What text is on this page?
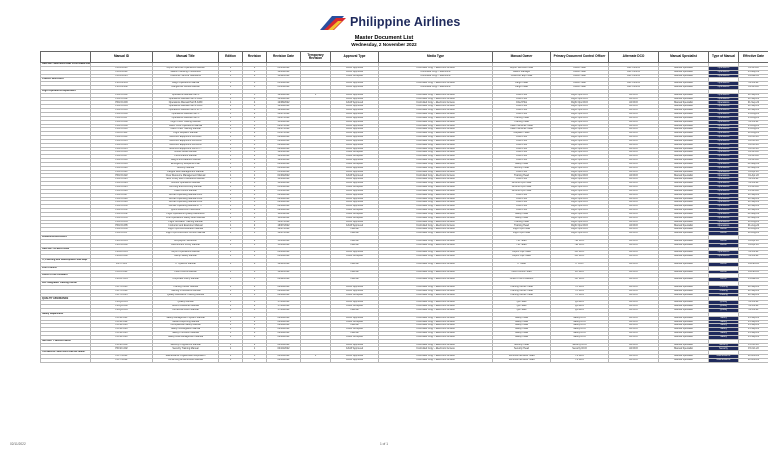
Philippine Airlines
Master Document List
Wednesday, 2 November 2022
	Manual ID	Manual Title	Edition	Revision	Revision Date	Temporary Revision	Approval Type	Media Type	Manual Owner	Primary Document Control Officer	Alternate DCO	Manual Specialist	Type of Manual	Effective Date
AIRPORT SERVICES AND CUSTOMER EXP.														
	PR-AS-001	Airport Services Operations Manual	1	2	03/05/2022		CAAP Approved	Controlled Copy – Electronic Access	Airport Services Head	CDMO Staff	Doc Control	Manual Specialist	Operations	01-Jun-22
	PR-AS-002	Station Handling Procedures	1	1	18/04/2022		CAAP Approved	Controlled Copy – Electronic	Station Manager	CDMO Staff	Doc Control	Manual Specialist	Operations	15-May-22
	PR-AS-003	Customer Service Standards	1	0	10/02/2022		CAAP Accepted	Controlled Copy – Electronic	Customer Exp Head	CDMO Staff	Doc Control	Manual Specialist	Operations	01-Mar-22
CARGO SERVICES														
	PR-CG-001	Cargo Operations Manual	1	3	21/06/2022		CAAP Approved	Controlled Copy – Electronic Access	Cargo Head	CDMO Staff	Doc Control	Manual Specialist	Operations	01-Jul-22
	PR-CG-002	Dangerous Goods Manual	1	1	05/05/2022		CAAP Approved	Controlled Copy – Electronic	Cargo Head	CDMO Staff	Doc Control	Manual Specialist	Operations	01-Jun-22
Flight Operations Department														
	PR-FO-001	Operations Manual Part A	1	5	12/08/2022	1	CAAP Approved	Controlled Copy – Electronic Access	Chief Pilot	Flight Ops DCO	Alt DCO	Manual Specialist	Operations	01-Sep-22
	PR-FO-002	Operations Manual Part B A321	1	4	12/08/2022		CAAP Approved	Controlled Copy – Electronic Access	Chief Pilot	Flight Ops DCO	Alt DCO	Manual Specialist	Operations	01-Sep-22
	PR-FO-003	Operations Manual Part B A330	1	4	12/08/2022		CAAP Approved	Controlled Copy – Electronic Access	Chief Pilot	Flight Ops DCO	Alt DCO	Manual Specialist	Operations	01-Sep-22
	PR-FO-004	Operations Manual Part B A350	1	3	12/08/2022		CAAP Approved	Controlled Copy – Electronic Access	Chief Pilot	Flight Ops DCO	Alt DCO	Manual Specialist	Operations	01-Sep-22
	PR-FO-005	Operations Manual Part B B777	1	3	12/08/2022		CAAP Approved	Controlled Copy – Electronic Access	Chief Pilot	Flight Ops DCO	Alt DCO	Manual Specialist	Operations	01-Sep-22
	PR-FO-006	Operations Manual Part C	1	2	30/07/2022		CAAP Approved	Controlled Copy – Electronic Access	Chief Pilot	Flight Ops DCO	Alt DCO	Manual Specialist	Operations	15-Aug-22
	PR-FO-007	Operations Manual Part D	1	2	30/07/2022		CAAP Approved	Controlled Copy – Electronic Access	Training Head	Flight Ops DCO	Alt DCO	Manual Specialist	Operations	15-Aug-22
	PR-FO-008	Flight Crew Training Manual	1	1	15/06/2022		CAAP Approved	Controlled Copy – Electronic Access	Training Head	Flight Ops DCO	Alt DCO	Manual Specialist	Operations	01-Jul-22
	PR-FO-009	Cabin Crew Operations Manual	1	3	22/07/2022		CAAP Approved	Controlled Copy – Electronic Access	Cabin Services Head	Flight Ops DCO	Alt DCO	Manual Specialist	Operations	15-Aug-22
	PR-FO-010	Cabin Crew Training Manual	1	2	22/07/2022		CAAP Approved	Controlled Copy – Electronic Access	Cabin Services Head	Flight Ops DCO	Alt DCO	Manual Specialist	Operations	15-Aug-22
	PR-FO-011	Flight Dispatch Manual	1	2	05/07/2022		CAAP Approved	Controlled Copy – Electronic Access	Dispatch Head	Flight Ops DCO	Alt DCO	Manual Specialist	Operations	01-Aug-22
	PR-FO-012	Minimum Equipment List A321	1	6	09/09/2022		CAAP Approved	Controlled Copy – Electronic Access	Chief Pilot	Flight Ops DCO	Alt DCO	Manual Specialist	Operations	01-Oct-22
	PR-FO-013	Minimum Equipment List A330	1	5	09/09/2022		CAAP Approved	Controlled Copy – Electronic Access	Chief Pilot	Flight Ops DCO	Alt DCO	Manual Specialist	Operations	01-Oct-22
	PR-FO-014	Minimum Equipment List A350	1	4	09/09/2022		CAAP Approved	Controlled Copy – Electronic Access	Chief Pilot	Flight Ops DCO	Alt DCO	Manual Specialist	Operations	01-Oct-22
	PR-FO-015	Minimum Equipment List B777	1	4	09/09/2022		CAAP Approved	Controlled Copy – Electronic Access	Chief Pilot	Flight Ops DCO	Alt DCO	Manual Specialist	Operations	01-Oct-22
	PR-FO-016	Route Guide Manual	1	1	18/05/2022		CAAP Accepted	Controlled Copy – Electronic Access	Chief Pilot	Flight Ops DCO	Alt DCO	Manual Specialist	Operations	01-Jun-22
	PR-FO-017	Performance Manual	1	2	18/05/2022		CAAP Accepted	Controlled Copy – Electronic Access	Chief Pilot	Flight Ops DCO	Alt DCO	Manual Specialist	Operations	01-Jun-22
	PR-FO-018	Weight and Balance Manual	1	2	18/05/2022		CAAP Approved	Controlled Copy – Electronic Access	Chief Pilot	Flight Ops DCO	Alt DCO	Manual Specialist	Operations	01-Jun-22
	PR-FO-019	Emergency Response Plan	1	1	20/04/2022		CAAP Accepted	Controlled Copy – Electronic Access	Safety Head	Flight Ops DCO	Alt DCO	Manual Specialist	Operations	01-May-22
	PR-FO-020	Security Manual	1	1	20/04/2022		CAAP Approved	Controlled Copy – Electronic Access	Security Head	Flight Ops DCO	Alt DCO	Manual Specialist	Operations	01-May-22
	PR-FO-021	Fatigue Risk Management Manual	1	0	01/03/2022		CAAP Approved	Controlled Copy – Electronic Access	Chief Pilot	Flight Ops DCO	Alt DCO	Manual Specialist	Operations	01-Apr-22
	PR-FO-022	Crew Resource Management Manual	1	1	01/03/2022		CAAP Approved	Controlled Copy – Electronic Access	Training Head	Flight Ops DCO	Alt DCO	Manual Specialist	Operations	01-Apr-22
	PR-FO-023	EFB Policy and Procedures Manual	1	2	14/06/2022		CAAP Approved	Controlled Copy – Electronic Access	Chief Pilot	Flight Ops DCO	Alt DCO	Manual Specialist	Operations	01-Jul-22
	PR-FO-024	Ground Operations Manual	1	3	14/06/2022		CAAP Approved	Controlled Copy – Electronic Access	Ground Ops Head	Flight Ops DCO	Alt DCO	Manual Specialist	Operations	01-Jul-22
	PR-FO-025	De-icing and Anti-icing Manual	1	1	25/05/2022		CAAP Accepted	Controlled Copy – Electronic Access	Ground Ops Head	Flight Ops DCO	Alt DCO	Manual Specialist	Operations	15-Jun-22
	PR-FO-026	Load Control Manual	1	2	25/05/2022		CAAP Approved	Controlled Copy – Electronic Access	Ground Ops Head	Flight Ops DCO	Alt DCO	Manual Specialist	Operations	15-Jun-22
	PR-FO-027	Aircraft Operating Manual A321	1	4	02/08/2022		CAAP Approved	Controlled Copy – Electronic Access	Chief Pilot	Flight Ops DCO	Alt DCO	Manual Specialist	Operations	01-Sep-22
	PR-FO-028	Aircraft Operating Manual A330	1	4	02/08/2022		CAAP Approved	Controlled Copy – Electronic Access	Chief Pilot	Flight Ops DCO	Alt DCO	Manual Specialist	Operations	01-Sep-22
	PR-FO-029	Aircraft Operating Manual A350	1	3	02/08/2022		CAAP Approved	Controlled Copy – Electronic Access	Chief Pilot	Flight Ops DCO	Alt DCO	Manual Specialist	Operations	01-Sep-22
	PR-FO-030	Aircraft Operating Manual B777	1	3	02/08/2022		CAAP Approved	Controlled Copy – Electronic Access	Chief Pilot	Flight Ops DCO	Alt DCO	Manual Specialist	Operations	01-Sep-22
	PR-FO-031	Quick Reference Handbook	1	2	02/08/2022		CAAP Accepted	Controlled Copy – Electronic Access	Chief Pilot	Flight Ops DCO	Alt DCO	Manual Specialist	Operations	01-Sep-22
	PR-FO-032	Flight Operations Quality Assurance	1	1	11/04/2022		CAAP Accepted	Controlled Copy – Electronic Access	Safety Head	Flight Ops DCO	Alt DCO	Manual Specialist	Operations	01-May-22
	PR-FO-033	Line Operations Safety Audit Manual	1	0	11/04/2022		CAAP Accepted	Controlled Copy – Electronic Access	Safety Head	Flight Ops DCO	Alt DCO	Manual Specialist	Operations	01-May-22
	PR-FO-034	Flight Simulator Training Manual	1	2	19/07/2022		CAAP Approved	Controlled Copy – Electronic Access	Training Head	Flight Ops DCO	Alt DCO	Manual Specialist	Operations	01-Aug-22
	PR-FO-035	Instructor and Examiner Manual	1	2	19/07/2022		CAAP Approved	Controlled Copy – Electronic Access	Training Head	Flight Ops DCO	Alt DCO	Manual Specialist	Operations	01-Aug-22
	PR-FO-036	Flight Ops Administration Manual	1	1	19/07/2022		Internal	Controlled Copy – Electronic Access	Flight Ops Head	Flight Ops DCO	Alt DCO	Manual Specialist	Admin	01-Aug-22
	PR-FO-037	Flight Ops Document Control Manual	1	1	19/07/2022		Internal	Controlled Copy – Electronic Access	Flight Ops Head	Flight Ops DCO	Alt DCO	Manual Specialist	Admin	01-Aug-22
HUMAN RESOURCES														
	PR-HR-001	Employee Handbook	1	2	15/03/2022		Internal	Controlled Copy – Electronic Access	HR Head	HR DCO	Alt DCO	Manual Specialist	Admin	01-Apr-22
	PR-HR-002	Recruitment Policy Manual	1	1	15/03/2022		Internal	Controlled Copy – Electronic Access	HR Head	HR DCO	Alt DCO	Manual Specialist	Admin	01-Apr-22
AIRPORT OPERATIONS														
	PR-AO-001	Airport Operations Manual	1	2	06/06/2022		CAAP Approved	Controlled Copy – Electronic Access	Airport Ops Head	AO DCO	Alt DCO	Manual Specialist	Operations	01-Jul-22
	PR-AO-002	Ramp Safety Manual	1	1	06/06/2022		CAAP Accepted	Controlled Copy – Electronic Access	Airport Ops Head	AO DCO	Alt DCO	Manual Specialist	Operations	01-Jul-22
IT, Planning and Development Sub-Dept														
	PR-IT-001	IT Systems Manual	1	0	12/01/2022		Internal	Controlled Copy – Electronic Access	IT Head	IT DCO	Alt DCO	Manual Specialist	Admin	01-Feb-22
Loss Control														
	PR-LC-001	Loss Control Manual	1	0	12/01/2022		Internal	Controlled Copy – Electronic Access	Loss Control Head	LC DCO	Alt DCO	Manual Specialist	Admin	01-Feb-22
Office of the President														
	PR-OP-001	Corporate Policy Manual	1	1	28/02/2022		Internal	Controlled Copy – Electronic Access	Office of the President	OP DCO	Alt DCO	Manual Specialist	Admin	15-Mar-22
PAL Integrated Training Center														
	PR-TC-001	Training Center Manual	1	2	08/08/2022		CAAP Approved	Controlled Copy – Electronic Access	Training Center Head	TC DCO	Alt DCO	Manual Specialist	Training	01-Sep-22
	PR-TC-002	Training Procedures Manual	1	1	08/08/2022		CAAP Approved	Controlled Copy – Electronic Access	Training Center Head	TC DCO	Alt DCO	Manual Specialist	Training	01-Sep-22
	PR-TC-003	Quality Assurance Training Manual	1	1	08/08/2022		CAAP Accepted	Controlled Copy – Electronic Access	Training Center Head	TC DCO	Alt DCO	Manual Specialist	Training	01-Sep-22
QUALITY ASSURANCE														
	PR-QA-001	Quality Manual	1	3	17/06/2022		CAAP Approved	Controlled Copy – Electronic Access	QA Head	QA DCO	Alt DCO	Manual Specialist	Quality	01-Jul-22
	PR-QA-002	Audit Procedures Manual	1	2	17/06/2022		CAAP Accepted	Controlled Copy – Electronic Access	QA Head	QA DCO	Alt DCO	Manual Specialist	Quality	01-Jul-22
	PR-QA-003	Corrective Action Manual	1	1	17/06/2022		Internal	Controlled Copy – Electronic Access	QA Head	QA DCO	Alt DCO	Manual Specialist	Quality	01-Jul-22
Safety Department														
	PR-SF-001	Safety Management System Manual	1	4	29/08/2022		CAAP Approved	Controlled Copy – Electronic Access	Safety Head	Safety DCO	Alt DCO	Manual Specialist	Safety	15-Sep-22
	PR-SF-002	Hazard Reporting Manual	1	2	29/08/2022		CAAP Accepted	Controlled Copy – Electronic Access	Safety Head	Safety DCO	Alt DCO	Manual Specialist	Safety	15-Sep-22
	PR-SF-003	Occupational Safety Manual	1	1	29/08/2022		Internal	Controlled Copy – Electronic Access	Safety Head	Safety DCO	Alt DCO	Manual Specialist	Safety	15-Sep-22
	PR-SF-004	Safety Investigation Manual	1	1	29/08/2022		CAAP Accepted	Controlled Copy – Electronic Access	Safety Head	Safety DCO	Alt DCO	Manual Specialist	Safety	15-Sep-22
	PR-SF-005	Safety Promotion Manual	1	0	29/08/2022		Internal	Controlled Copy – Electronic Access	Safety Head	Safety DCO	Alt DCO	Manual Specialist	Safety	15-Sep-22
	PR-SF-006	Safety Risk Management Manual	1	1	29/08/2022		CAAP Accepted	Controlled Copy – Electronic Access	Safety Head	Safety DCO	Alt DCO	Manual Specialist	Safety	15-Sep-22
SECURITY DEPARTMENT														
	PR-SC-001	Security Programme Manual	1	2	04/10/2022		CAAP Approved	Controlled Copy – Electronic Access	Security Head	Security DCO	Alt DCO	Manual Specialist	Security	15-Oct-22
	PR-SC-002	Security Training Manual	1	1	04/10/2022		CAAP Approved	Controlled Copy – Electronic Access	Security Head	Security DCO	Alt DCO	Manual Specialist	Security	15-Oct-22
TECHNICAL SERVICES DEPARTMENT														
	PR-TS-001	Maintenance Organization Exposition	1	5	20/10/2022	1	CAAP Approved	Controlled Copy – Electronic Access	Technical Services Head	TS DCO	Alt DCO	Manual Specialist	Maintenance	01-Nov-22
	PR-TS-002	Continuing Airworthiness Manual	1	4	20/10/2022		CAAP Approved	Controlled Copy – Electronic Access	Technical Services Head	TS DCO	Alt DCO	Manual Specialist	Maintenance	01-Nov-22
02/11/2022	1 of 1
